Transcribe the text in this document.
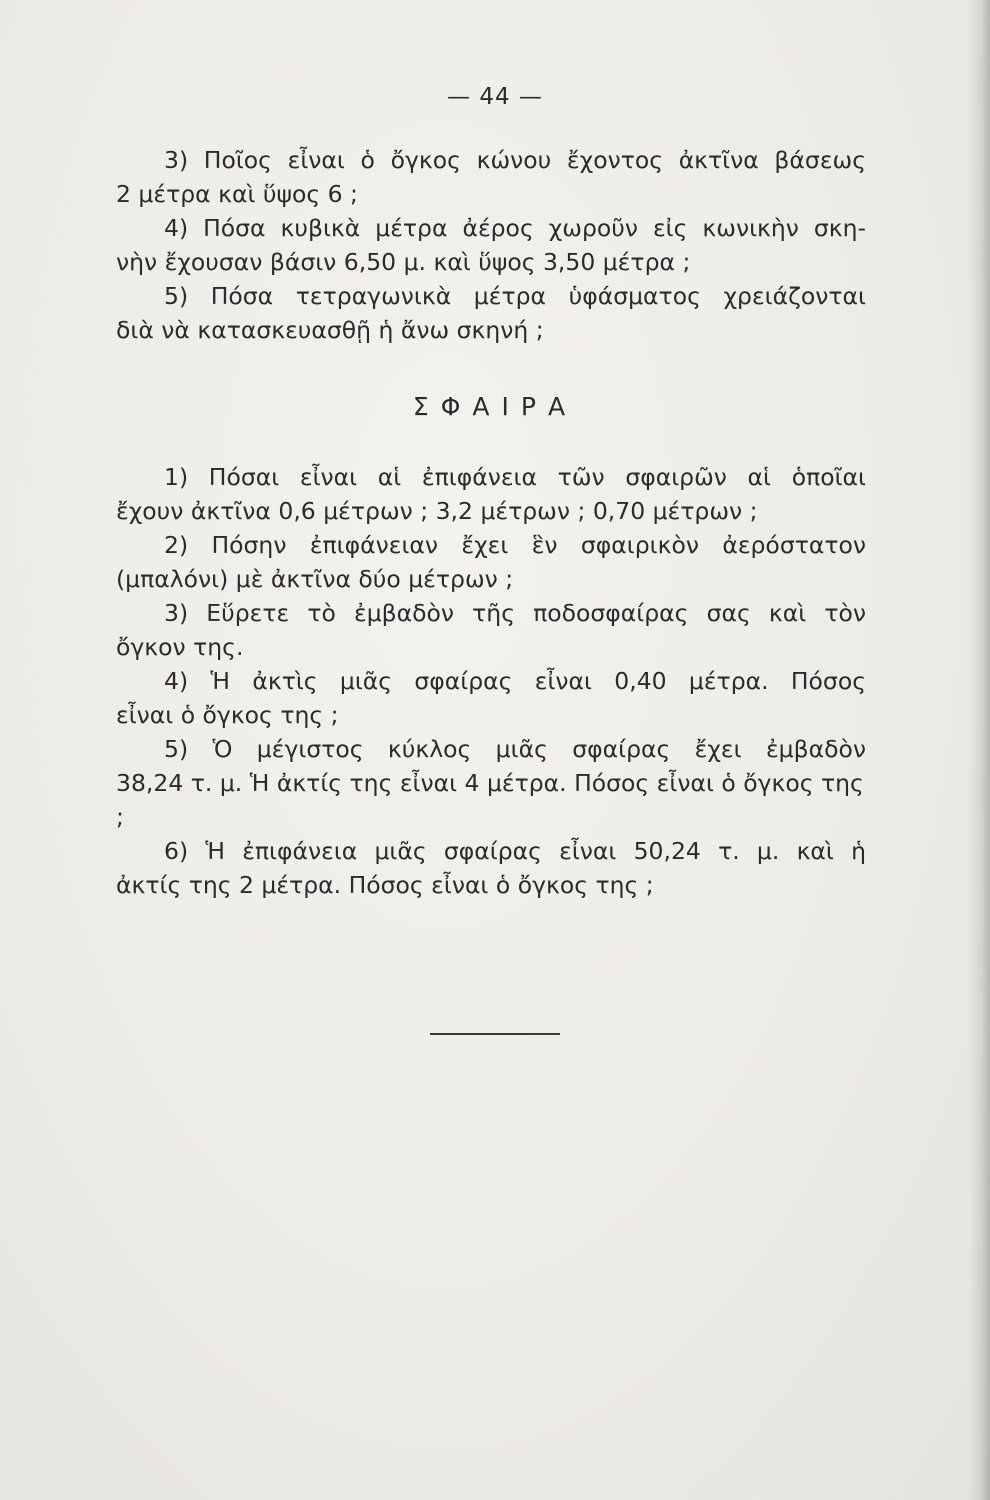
— 44 —

3) Ποῖος εἶναι ὁ ὄγκος κώνου ἔχοντος ἀκτῖνα βάσεως
2 μέτρα καὶ ὕψος 6 ;

4) Πόσα κυβικὰ μέτρα ἀέρος χωροῦν εἰς κωνικὴν σκη-
νὴν ἔχουσαν βάσιν 6,50 μ. καὶ ὕψος 3,50 μέτρα ;

5) Πόσα τετραγωνικὰ μέτρα ὑφάσματος χρειάζονται
διὰ νὰ κατασκευασθῇ ἡ ἄνω σκηνή ;

ΣΦΑΙΡΑ

1) Πόσαι εἶναι αἱ ἐπιφάνεια τῶν σφαιρῶν αἱ ὁποῖαι
ἔχουν ἀκτῖνα 0,6 μέτρων ; 3,2 μέτρων ; 0,70 μέτρων ;

2) Πόσην ἐπιφάνειαν ἔχει ἓν σφαιρικὸν ἀερόστατον
(μπαλόνι) μὲ ἀκτῖνα δύο μέτρων ;

3) Εὕρετε τὸ ἐμβαδὸν τῆς ποδοσφαίρας σας καὶ τὸν
ὄγκον της.

4) Ἡ ἀκτὶς μιᾶς σφαίρας εἶναι 0,40 μέτρα. Πόσος
εἶναι ὁ ὄγκος της ;

5) Ὁ μέγιστος κύκλος μιᾶς σφαίρας ἔχει ἐμβαδὸν
38,24 τ. μ. Ἡ ἀκτίς της εἶναι 4 μέτρα. Πόσος εἶναι ὁ ὄγκος της ;

6) Ἡ ἐπιφάνεια μιᾶς σφαίρας εἶναι 50,24 τ. μ. καὶ ἡ
ἀκτίς της 2 μέτρα. Πόσος εἶναι ὁ ὄγκος της ;
